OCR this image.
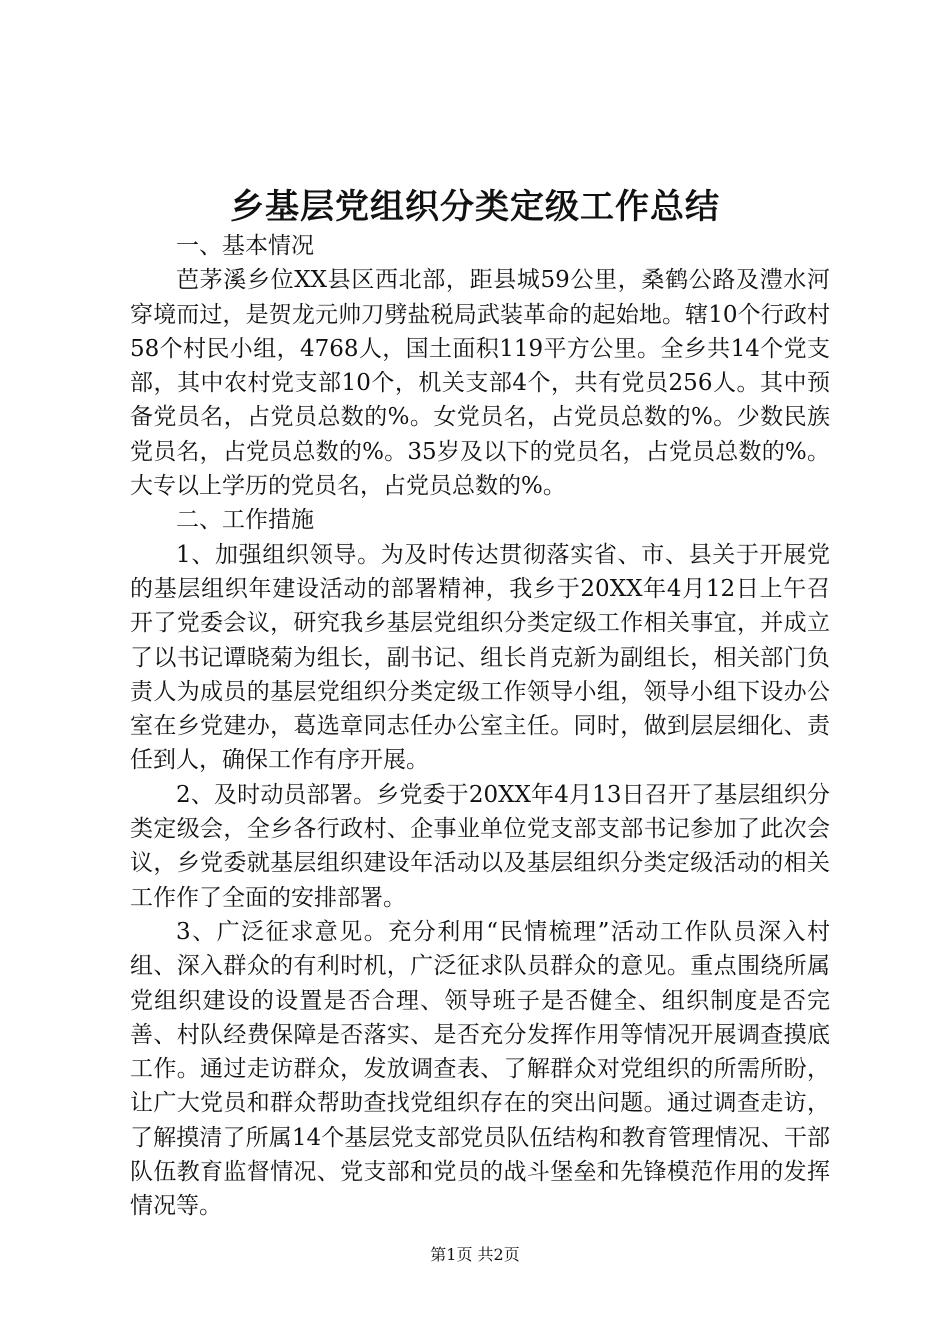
乡基层党组织分类定级工作总结

一、基本情况

芭茅溪乡位XX县区西北部，距县城59公里，桑鹤公路及澧水河穿境而过，是贺龙元帅刀劈盐税局武装革命的起始地。辖10个行政村58个村民小组，4768人，国土面积119平方公里。全乡共14个党支部，其中农村党支部10个，机关支部4个，共有党员256人。其中预备党员名，占党员总数的%。女党员名，占党员总数的%。少数民族党员名，占党员总数的%。35岁及以下的党员名，占党员总数的%。大专以上学历的党员名，占党员总数的%。

二、工作措施

1、加强组织领导。为及时传达贯彻落实省、市、县关于开展党的基层组织年建设活动的部署精神，我乡于20XX年4月12日上午召开了党委会议，研究我乡基层党组织分类定级工作相关事宜，并成立了以书记谭晓菊为组长，副书记、组长肖克新为副组长，相关部门负责人为成员的基层党组织分类定级工作领导小组，领导小组下设办公室在乡党建办，葛选章同志任办公室主任。同时，做到层层细化、责任到人，确保工作有序开展。

2、及时动员部署。乡党委于20XX年4月13日召开了基层组织分类定级会，全乡各行政村、企事业单位党支部支部书记参加了此次会议，乡党委就基层组织建设年活动以及基层组织分类定级活动的相关工作作了全面的安排部署。

3、广泛征求意见。充分利用“民情梳理”活动工作队员深入村组、深入群众的有利时机，广泛征求队员群众的意见。重点围绕所属党组织建设的设置是否合理、领导班子是否健全、组织制度是否完善、村队经费保障是否落实、是否充分发挥作用等情况开展调查摸底工作。通过走访群众，发放调查表、了解群众对党组织的所需所盼，让广大党员和群众帮助查找党组织存在的突出问题。通过调查走访，了解摸清了所属14个基层党支部党员队伍结构和教育管理情况、干部队伍教育监督情况、党支部和党员的战斗堡垒和先锋模范作用的发挥情况等。

第1页 共2页
